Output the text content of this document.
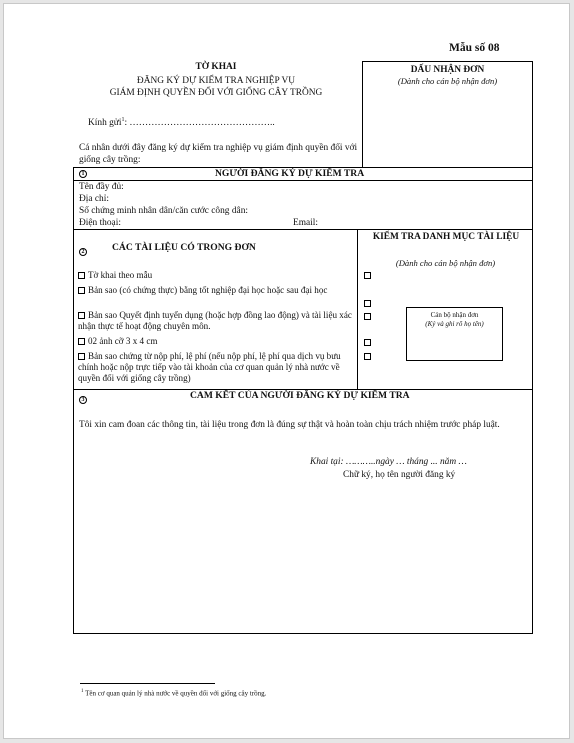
Mẫu số 08
TỜ KHAI
ĐĂNG KÝ DỰ KIỂM TRA NGHIỆP VỤ
GIÁM ĐỊNH QUYỀN ĐỐI VỚI GIỐNG CÂY TRỒNG
Kính gửi$^1$: ………………………………………..
Cá nhân dưới đây đăng ký dự kiểm tra nghiệp vụ giám định quyền đối với giống cây trồng:
DẤU NHẬN ĐƠN
(Dành cho cán bộ nhận đơn)
1	NGƯỜI ĐĂNG KÝ DỰ KIỂM TRA
Tên đầy đủ:
Địa chỉ:
Số chứng minh nhân dân/căn cước công dân:
Điện thoại:	Email:
2	CÁC TÀI LIỆU CÓ TRONG ĐƠN
KIỂM TRA DANH MỤC TÀI LIỆU
(Dành cho cán bộ nhận đơn)
Tờ khai theo mẫu
Bản sao (có chứng thực) bằng tốt nghiệp đại học hoặc sau đại học
Bản sao Quyết định tuyển dụng (hoặc hợp đồng lao động) và tài liệu xác nhận thực tế hoạt động chuyên môn.
02 ảnh cỡ 3 x 4 cm
Bản sao chứng từ nộp phí, lệ phí (nếu nộp phí, lệ phí qua dịch vụ bưu chính hoặc nộp trực tiếp vào tài khoản của cơ quan quản lý nhà nước về quyền đối với giống cây trồng)
Cán bộ nhận đơn
(Ký và ghi rõ họ tên)
3	CAM KẾT CỦA NGƯỜI ĐĂNG KÝ DỰ KIỂM TRA
Tôi xin cam đoan các thông tin, tài liệu trong đơn là đúng sự thật và hoàn toàn chịu trách nhiệm trước pháp luật.
Khai tại: ………..ngày … tháng ... năm …
Chữ ký, họ tên người đăng ký
$^1$ Tên cơ quan quản lý nhà nước về quyền đối với giống cây trồng.
